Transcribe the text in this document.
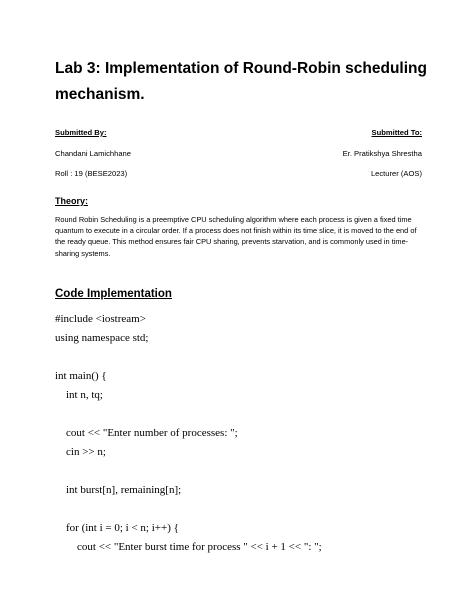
Lab 3: Implementation of Round-Robin scheduling
mechanism.
Submitted By:
Chandani Lamichhane
Roll : 19 (BESE2023)
Submitted To:
Er. Pratikshya Shrestha
Lecturer (AOS)
Theory:

Round Robin Scheduling is a preemptive CPU scheduling algorithm where each process is given a fixed time quantum to execute in a circular order. If a process does not finish within its time slice, it is moved to the end of the ready queue. This method ensures fair CPU sharing, prevents starvation, and is commonly used in time-sharing systems.

Code Implementation
#include <iostream>
using namespace std;
int main() {
int n, tq;
cout << "Enter number of processes: ";
cin >> n;
int burst[n], remaining[n];
for (int i = 0; i < n; i++) {
cout << "Enter burst time for process " << i + 1 << ": ";
